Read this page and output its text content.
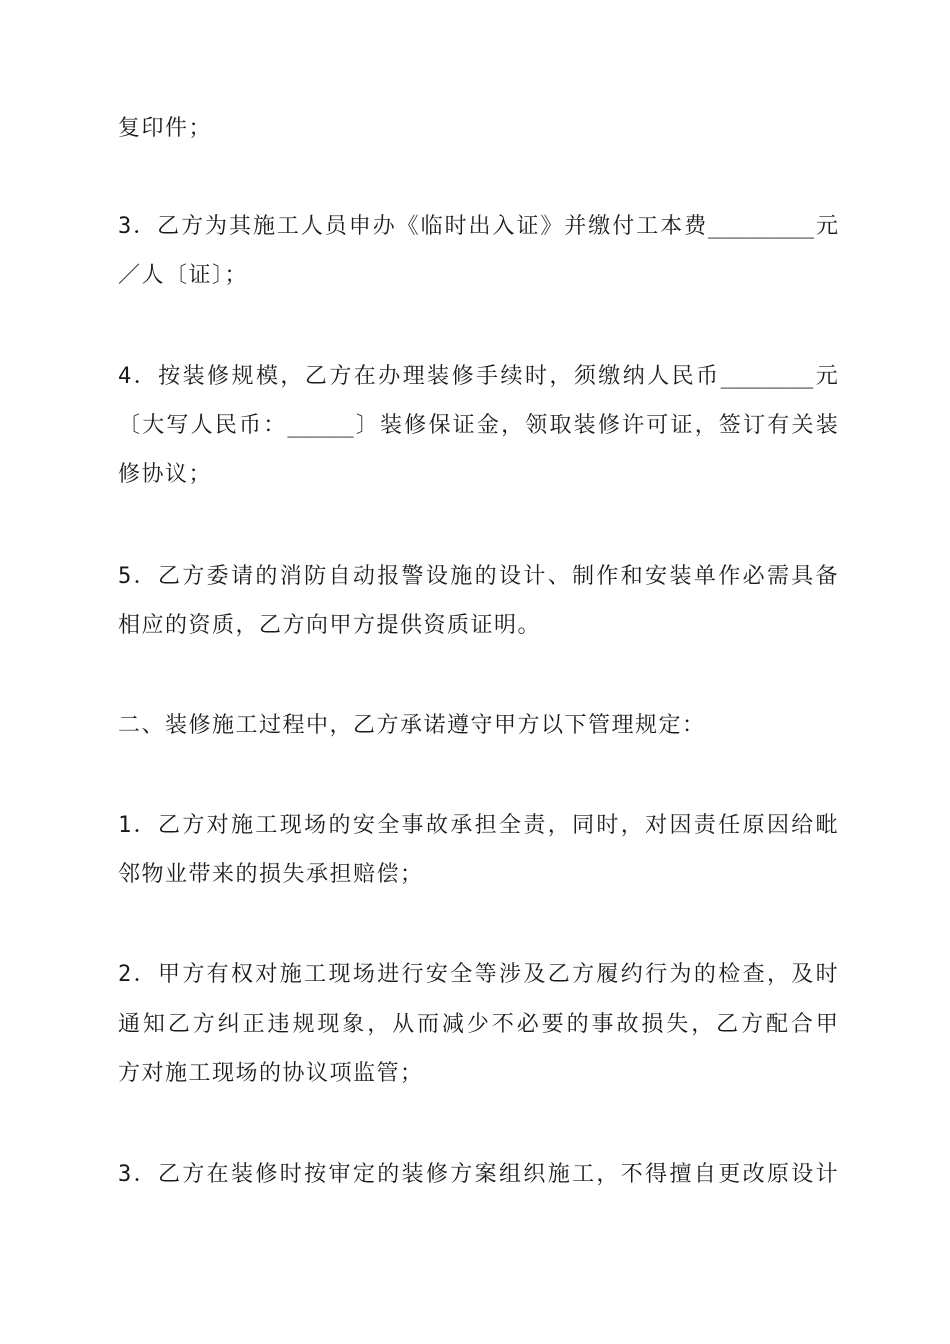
复印件；
3 ． 乙 方 为 其 施 工 人 员 申 办 《 临 时 出 入 证 》 并 缴 付 工 本 费 ________ 元
／人〔证〕；
4 ． 按 装 修 规 模 ， 乙 方 在 办 理 装 修 手 续 时 ， 须 缴 纳 人 民 币 _______ 元
〔 大 写 人 民 币 ： _____ 〕 装 修 保 证 金 ， 领 取 装 修 许 可 证 ， 签 订 有 关 装
修协议；
5 ． 乙 方 委 请 的 消 防 自 动 报 警 设 施 的 设 计 、 制 作 和 安 装 单 作 必 需 具 备
相应的资质，乙方向甲方提供资质证明。
二、装修施工过程中，乙方承诺遵守甲方以下管理规定：
1 ． 乙 方 对 施 工 现 场 的 安 全 事 故 承 担 全 责 ， 同 时 ， 对 因 责 任 原 因 给 毗
邻物业带来的损失承担赔偿；
2 ． 甲 方 有 权 对 施 工 现 场 进 行 安 全 等 涉 及 乙 方 履 约 行 为 的 检 查 ， 及 时
通 知 乙 方 纠 正 违 规 现 象 ， 从 而 减 少 不 必 要 的 事 故 损 失 ， 乙 方 配 合 甲
方对施工现场的协议项监管；
3 ． 乙 方 在 装 修 时 按 审 定 的 装 修 方 案 组 织 施 工 ， 不 得 擅 自 更 改 原 设 计
